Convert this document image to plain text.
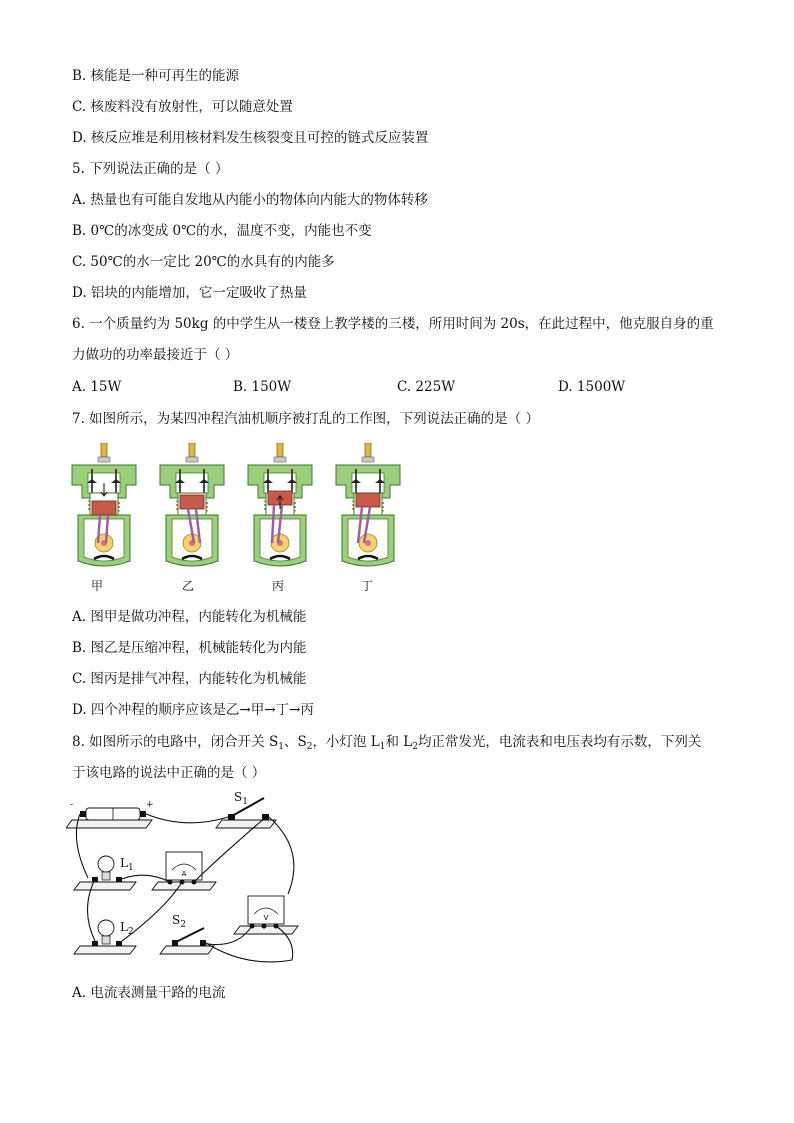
B. 核能是一种可再生的能源
C. 核废料没有放射性，可以随意处置
D. 核反应堆是利用核材料发生核裂变且可控的链式反应装置
5. 下列说法正确的是（ ）
A. 热量也有可能自发地从内能小的物体向内能大的物体转移
B. 0℃的冰变成 0℃的水，温度不变，内能也不变
C. 50℃的水一定比 20℃的水具有的内能多
D. 铝块的内能增加，它一定吸收了热量
6. 一个质量约为 50kg 的中学生从一楼登上教学楼的三楼，所用时间为 20s，在此过程中，他克服自身的重
力做功的功率最接近于（ ）
A. 15W	B. 150W	C. 225W	D. 1500W
7. 如图所示，为某四冲程汽油机顺序被打乱的工作图，下列说法正确的是（ ）
甲	乙	丙	丁
A. 图甲是做功冲程，内能转化为机械能
B. 图乙是压缩冲程，机械能转化为内能
C. 图丙是排气冲程，内能转化为机械能
D. 四个冲程的顺序应该是乙→甲→丁→丙
8. 如图所示的电路中，闭合开关 $S_1$、$S_2$，小灯泡 $L_1$和 $L_2$均正常发光，电流表和电压表均有示数，下列关
于该电路的说法中正确的是（ ）
A
V
-	+
$S_1$
$L_1$
$S_2$
$L_2$
A. 电流表测量干路的电流
